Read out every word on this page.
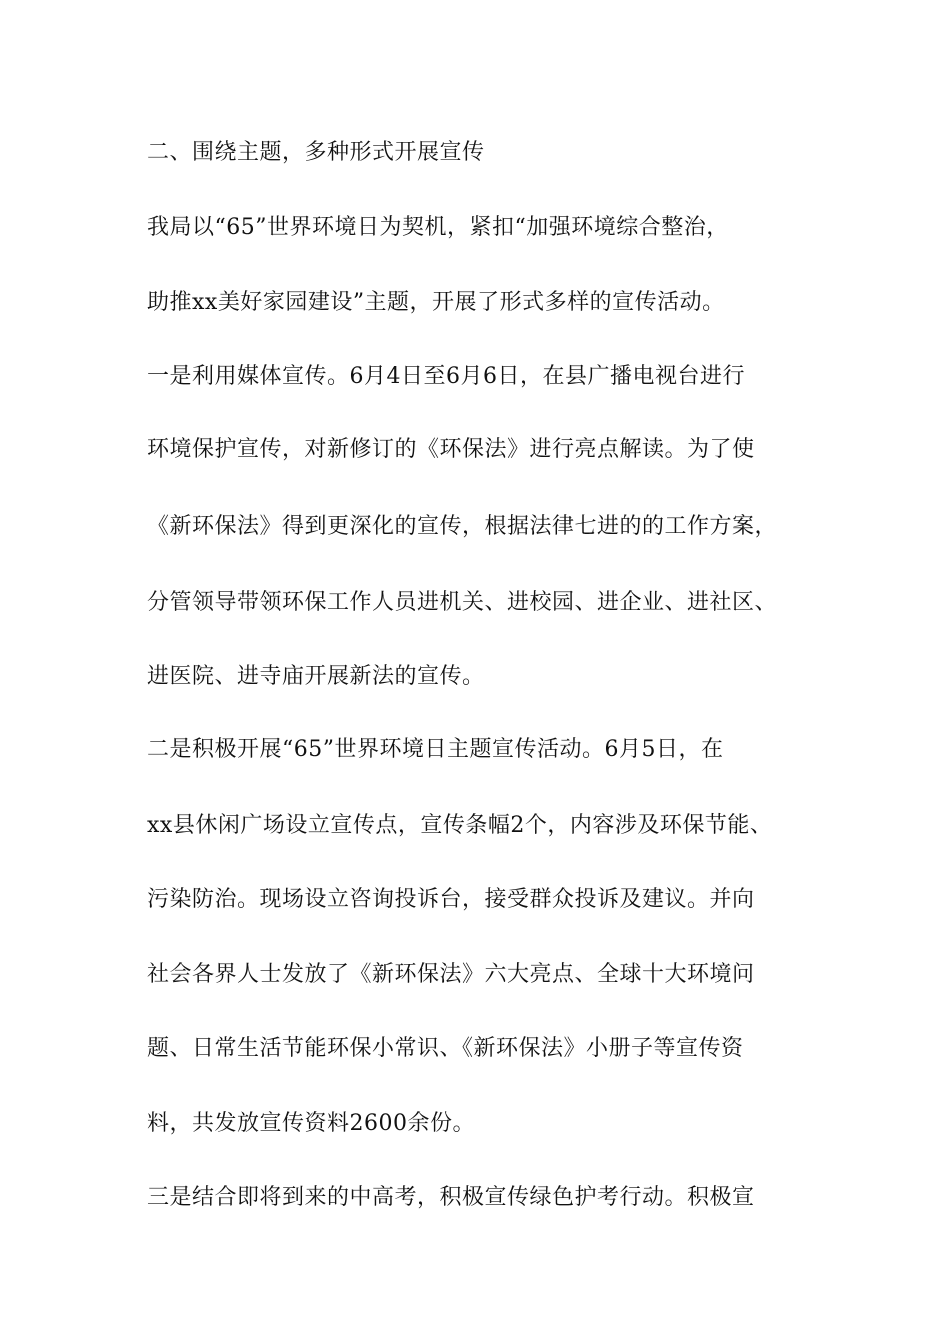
二、围绕主题，多种形式开展宣传
我局以“65”世界环境日为契机，紧扣“加强环境综合整治，
助推xx美好家园建设”主题，开展了形式多样的宣传活动。
一是利用媒体宣传。6月4日至6月6日，在县广播电视台进行
环境保护宣传，对新修订的《环保法》进行亮点解读。为了使
《新环保法》得到更深化的宣传，根据法律七进的的工作方案，
分管领导带领环保工作人员进机关、进校园、进企业、进社区、
进医院、进寺庙开展新法的宣传。
二是积极开展“65”世界环境日主题宣传活动。6月5日，在
xx县休闲广场设立宣传点，宣传条幅2个，内容涉及环保节能、
污染防治。现场设立咨询投诉台，接受群众投诉及建议。并向
社会各界人士发放了《新环保法》六大亮点、全球十大环境问
题、日常生活节能环保小常识、《新环保法》小册子等宣传资
料，共发放宣传资料2600余份。
三是结合即将到来的中高考，积极宣传绿色护考行动。积极宣
